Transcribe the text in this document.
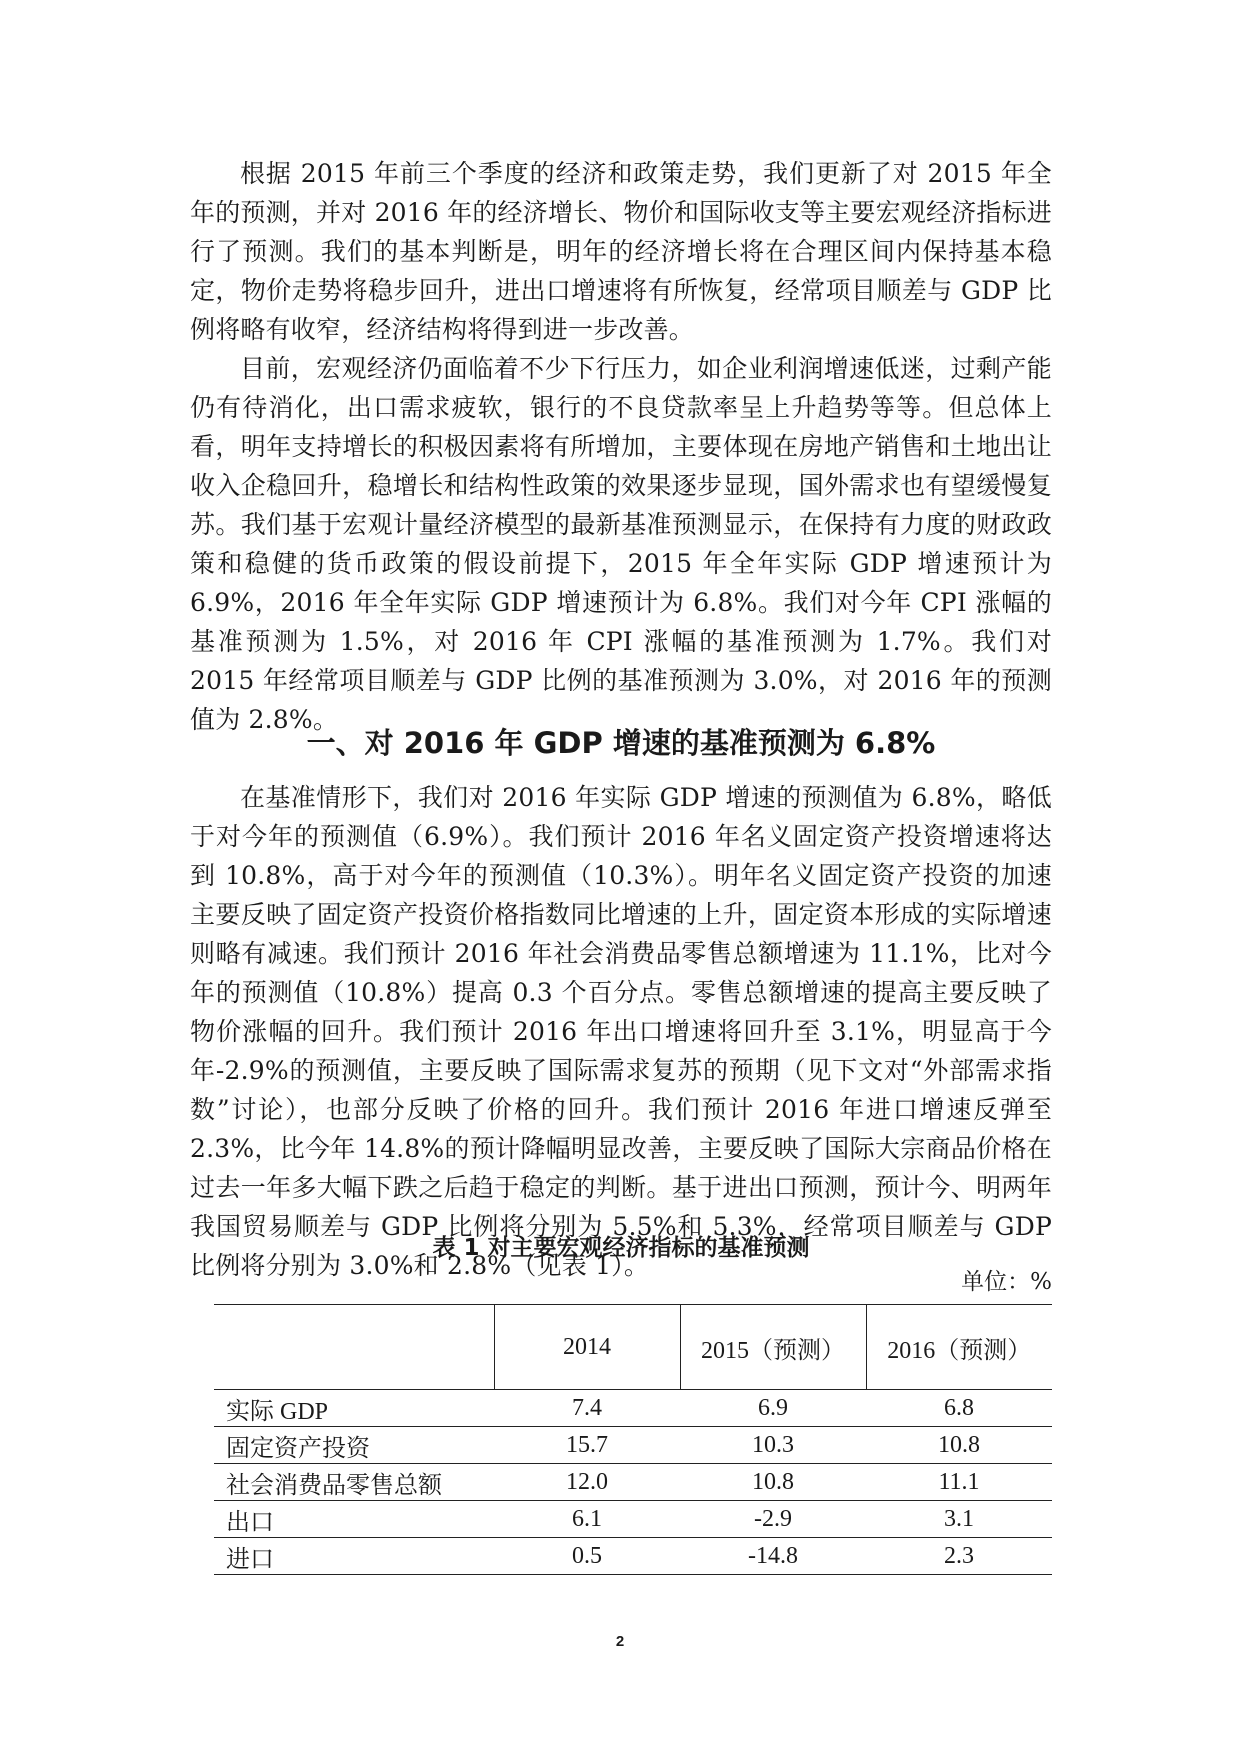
根据 2015 年前三个季度的经济和政策走势，我们更新了对 2015 年全年的预测，并对 2016 年的经济增长、物价和国际收支等主要宏观经济指标进行了预测。我们的基本判断是，明年的经济增长将在合理区间内保持基本稳定，物价走势将稳步回升，进出口增速将有所恢复，经常项目顺差与 GDP 比例将略有收窄，经济结构将得到进一步改善。

目前，宏观经济仍面临着不少下行压力，如企业利润增速低迷，过剩产能仍有待消化，出口需求疲软，银行的不良贷款率呈上升趋势等等。但总体上看，明年支持增长的积极因素将有所增加，主要体现在房地产销售和土地出让收入企稳回升，稳增长和结构性政策的效果逐步显现，国外需求也有望缓慢复苏。我们基于宏观计量经济模型的最新基准预测显示，在保持有力度的财政政策和稳健的货币政策的假设前提下，2015 年全年实际 GDP 增速预计为 6.9%，2016 年全年实际 GDP 增速预计为 6.8%。我们对今年 CPI 涨幅的基准预测为 1.5%，对 2016 年 CPI 涨幅的基准预测为 1.7%。我们对 2015 年经常项目顺差与 GDP 比例的基准预测为 3.0%，对 2016 年的预测值为 2.8%。

一、对 2016 年 GDP 增速的基准预测为 6.8%

在基准情形下，我们对 2016 年实际 GDP 增速的预测值为 6.8%，略低于对今年的预测值（6.9%）。我们预计 2016 年名义固定资产投资增速将达到 10.8%，高于对今年的预测值（10.3%）。明年名义固定资产投资的加速主要反映了固定资产投资价格指数同比增速的上升，固定资本形成的实际增速则略有减速。我们预计 2016 年社会消费品零售总额增速为 11.1%，比对今年的预测值（10.8%）提高 0.3 个百分点。零售总额增速的提高主要反映了物价涨幅的回升。我们预计 2016 年出口增速将回升至 3.1%，明显高于今年-2.9%的预测值，主要反映了国际需求复苏的预期（见下文对“外部需求指数”讨论），也部分反映了价格的回升。我们预计 2016 年进口增速反弹至 2.3%，比今年 14.8%的预计降幅明显改善，主要反映了国际大宗商品价格在过去一年多大幅下跌之后趋于稳定的判断。基于进出口预测，预计今、明两年我国贸易顺差与 GDP 比例将分别为 5.5%和 5.3%，经常项目顺差与 GDP 比例将分别为 3.0%和 2.8%（见表 1）。

表 1 对主要宏观经济指标的基准预测

单位：%

	2014	2015（预测）	2016（预测）
实际 GDP	7.4	6.9	6.8
固定资产投资	15.7	10.3	10.8
社会消费品零售总额	12.0	10.8	11.1
出口	6.1	-2.9	3.1
进口	0.5	-14.8	2.3

2
